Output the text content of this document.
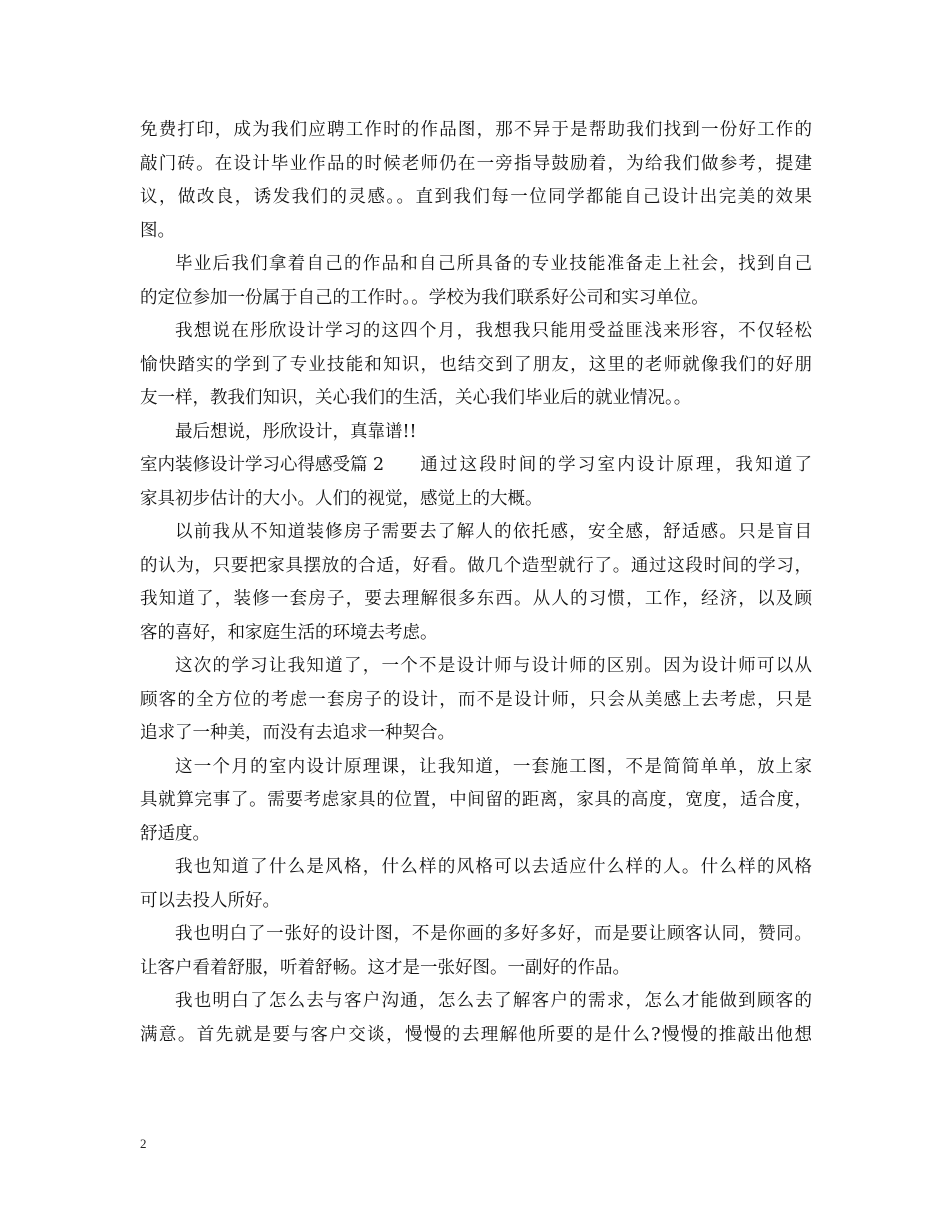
免费打印，成为我们应聘工作时的作品图，那不异于是帮助我们找到一份好工作的
敲门砖。在设计毕业作品的时候老师仍在一旁指导鼓励着，为给我们做参考，提建
议，做改良，诱发我们的灵感。。直到我们每一位同学都能自己设计出完美的效果
图。
毕业后我们拿着自己的作品和自己所具备的专业技能准备走上社会，找到自己
的定位参加一份属于自己的工作时。。学校为我们联系好公司和实习单位。
我想说在彤欣设计学习的这四个月，我想我只能用受益匪浅来形容，不仅轻松
愉快踏实的学到了专业技能和知识，也结交到了朋友，这里的老师就像我们的好朋
友一样，教我们知识，关心我们的生活，关心我们毕业后的就业情况。。
最后想说，彤欣设计，真靠谱!!
室内装修设计学习心得感受篇 2	通过这段时间的学习室内设计原理，我知道了
家具初步估计的大小。人们的视觉，感觉上的大概。
以前我从不知道装修房子需要去了解人的依托感，安全感，舒适感。只是盲目
的认为，只要把家具摆放的合适，好看。做几个造型就行了。通过这段时间的学习，
我知道了，装修一套房子，要去理解很多东西。从人的习惯，工作，经济，以及顾
客的喜好，和家庭生活的环境去考虑。
这次的学习让我知道了，一个不是设计师与设计师的区别。因为设计师可以从
顾客的全方位的考虑一套房子的设计，而不是设计师，只会从美感上去考虑，只是
追求了一种美，而没有去追求一种契合。
这一个月的室内设计原理课，让我知道，一套施工图，不是简简单单，放上家
具就算完事了。需要考虑家具的位置，中间留的距离，家具的高度，宽度，适合度，
舒适度。
我也知道了什么是风格，什么样的风格可以去适应什么样的人。什么样的风格
可以去投人所好。
我也明白了一张好的设计图，不是你画的多好多好，而是要让顾客认同，赞同。
让客户看着舒服，听着舒畅。这才是一张好图。一副好的作品。
我也明白了怎么去与客户沟通，怎么去了解客户的需求，怎么才能做到顾客的
满意。首先就是要与客户交谈，慢慢的去理解他所要的是什么?慢慢的推敲出他想
2
